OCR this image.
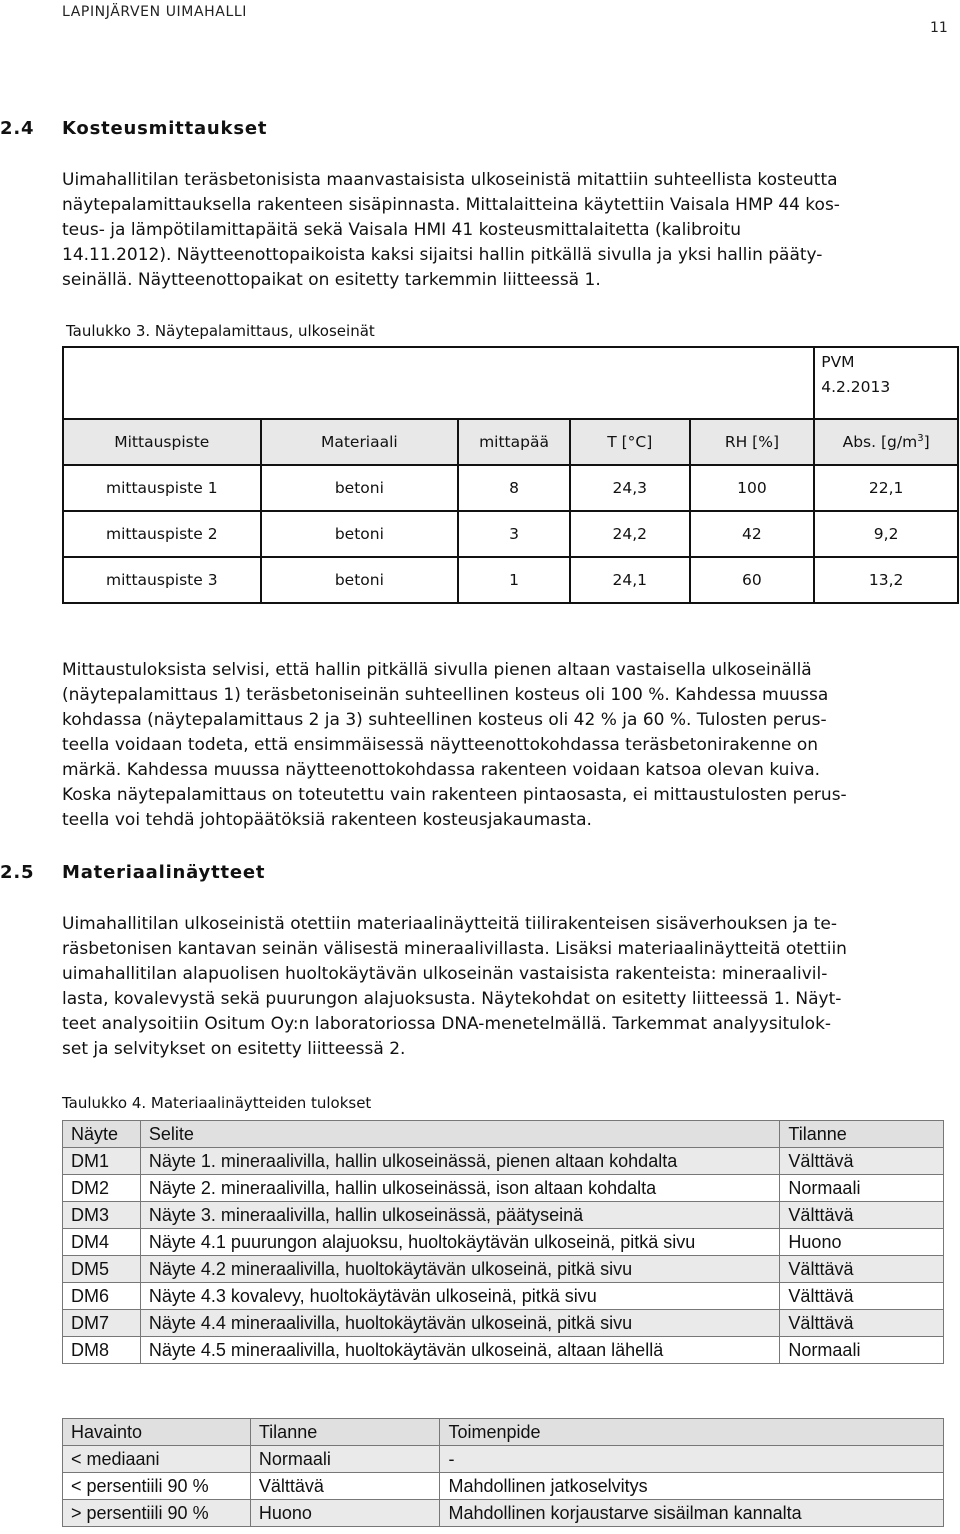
LAPINJÄRVEN UIMAHALLI
11
2.4 Kosteusmittaukset
Uimahallitilan teräsbetonisista maanvastaisista ulkoseinistä mitattiin suhteellista kosteutta
näytepalamittauksella rakenteen sisäpinnasta. Mittalaitteina käytettiin Vaisala HMP 44 kos-
teus- ja lämpötilamittapäitä sekä Vaisala HMI 41 kosteusmittalaitetta (kalibroitu
14.11.2012). Näytteenottopaikoista kaksi sijaitsi hallin pitkällä sivulla ja yksi hallin pääty-
seinällä. Näytteenottopaikat on esitetty tarkemmin liitteessä 1.
Taulukko 3. Näytepalamittaus, ulkoseinät

					PVM
4.2.2013

Mittauspiste	Materiaali	mittapää	T [°C]	RH [%]	Abs. $[g/m^3]$
mittauspiste 1	betoni	8	24,3	100	22,1
mittauspiste 2	betoni	3	24,2	42	9,2
mittauspiste 3	betoni	1	24,1	60	13,2
Mittaustuloksista selvisi, että hallin pitkällä sivulla pienen altaan vastaisella ulkoseinällä
(näytepalamittaus 1) teräsbetoniseinän suhteellinen kosteus oli 100 %. Kahdessa muussa
kohdassa (näytepalamittaus 2 ja 3) suhteellinen kosteus oli 42 % ja 60 %. Tulosten perus-
teella voidaan todeta, että ensimmäisessä näytteenottokohdassa teräsbetonirakenne on
märkä. Kahdessa muussa näytteenottokohdassa rakenteen voidaan katsoa olevan kuiva.
Koska näytepalamittaus on toteutettu vain rakenteen pintaosasta, ei mittaustulosten perus-
teella voi tehdä johtopäätöksiä rakenteen kosteusjakaumasta.
2.5 Materiaalinäytteet
Uimahallitilan ulkoseinistä otettiin materiaalinäytteitä tiilirakenteisen sisäverhouksen ja te-
räsbetonisen kantavan seinän välisestä mineraalivillasta. Lisäksi materiaalinäytteitä otettiin
uimahallitilan alapuolisen huoltokäytävän ulkoseinän vastaisista rakenteista: mineraalivil-
lasta, kovalevystä sekä puurungon alajuoksusta. Näytekohdat on esitetty liitteessä 1. Näyt-
teet analysoitiin Ositum Oy:n laboratoriossa DNA-menetelmällä. Tarkemmat analyysitulok-
set ja selvitykset on esitetty liitteessä 2.
Taulukko 4. Materiaalinäytteiden tulokset
Näyte	Selite	Tilanne
DM1	Näyte 1. mineraalivilla, hallin ulkoseinässä, pienen altaan kohdalta	Välttävä
DM2	Näyte 2. mineraalivilla, hallin ulkoseinässä, ison altaan kohdalta	Normaali
DM3	Näyte 3. mineraalivilla, hallin ulkoseinässä, päätyseinä	Välttävä
DM4	Näyte 4.1 puurungon alajuoksu, huoltokäytävän ulkoseinä, pitkä sivu	Huono
DM5	Näyte 4.2 mineraalivilla, huoltokäytävän ulkoseinä, pitkä sivu	Välttävä
DM6	Näyte 4.3 kovalevy, huoltokäytävän ulkoseinä, pitkä sivu	Välttävä
DM7	Näyte 4.4 mineraalivilla, huoltokäytävän ulkoseinä, pitkä sivu	Välttävä
DM8	Näyte 4.5 mineraalivilla, huoltokäytävän ulkoseinä, altaan lähellä	Normaali
Havainto	Tilanne	Toimenpide
< mediaani	Normaali	-
< persentiili 90 %	Välttävä	Mahdollinen jatkoselvitys
> persentiili 90 %	Huono	Mahdollinen korjaustarve sisäilman kannalta
